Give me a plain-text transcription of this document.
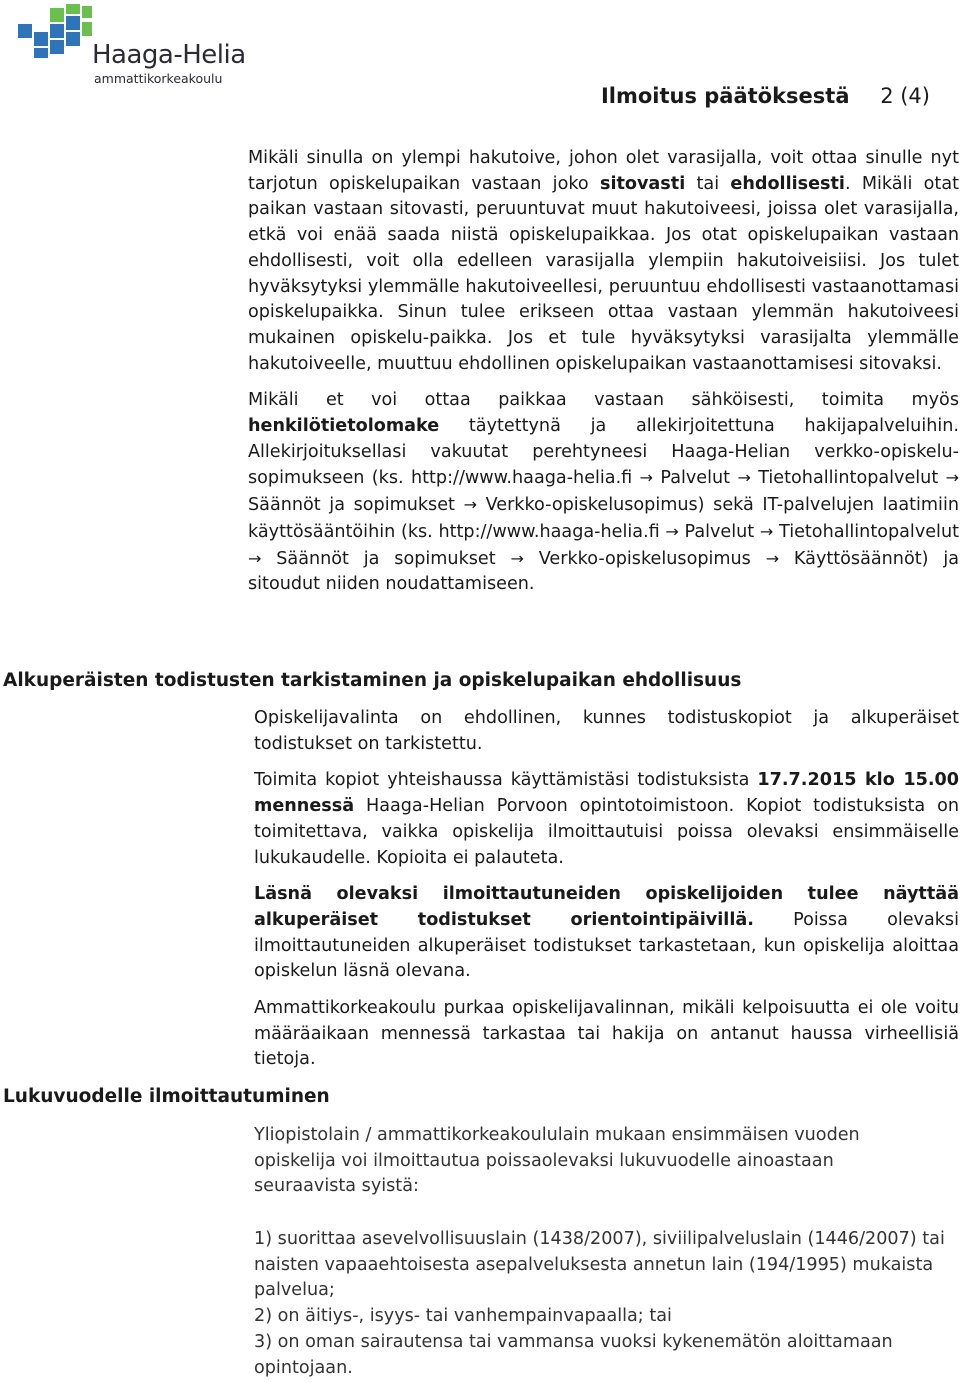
Haaga-Helia
ammattikorkeakoulu
Ilmoitus päätöksestä 2 (4)

Mikäli sinulla on ylempi hakutoive, johon olet varasijalla, voit ottaa sinulle nyt tarjotun opiskelupaikan vastaan joko sitovasti tai ehdollisesti. Mikäli otat paikan vastaan sitovasti, peruuntuvat muut hakutoiveesi, joissa olet varasijalla, etkä voi enää saada niistä opiskelupaikkaa. Jos otat opiskelupaikan vastaan ehdollisesti, voit olla edelleen varasijalla ylempiin hakutoiveisiisi. Jos tulet hyväksytyksi ylemmälle hakutoiveellesi, peruuntuu ehdollisesti vastaanottamasi opiskelupaikka. Sinun tulee erikseen ottaa vastaan ylemmän hakutoiveesi mukainen opiskelu-paikka. Jos et tule hyväksytyksi varasijalta ylemmälle hakutoiveelle, muuttuu ehdollinen opiskelupaikan vastaanottamisesi sitovaksi.

Mikäli et voi ottaa paikkaa vastaan sähköisesti, toimita myös henkilötietolomake täytettynä ja allekirjoitettuna hakijapalveluihin. Allekirjoituksellasi vakuutat perehtyneesi Haaga-Helian verkko-opiskelu-sopimukseen (ks. http://www.haaga-helia.fi → Palvelut → Tietohallintopalvelut → Säännöt ja sopimukset → Verkko-opiskelusopimus) sekä IT-palvelujen laatimiin käyttösääntöihin (ks. http://www.haaga-helia.fi → Palvelut → Tietohallintopalvelut → Säännöt ja sopimukset → Verkko-opiskelusopimus → Käyttösäännöt) ja sitoudut niiden noudattamiseen.

Alkuperäisten todistusten tarkistaminen ja opiskelupaikan ehdollisuus

Opiskelijavalinta on ehdollinen, kunnes todistuskopiot ja alkuperäiset todistukset on tarkistettu.

Toimita kopiot yhteishaussa käyttämistäsi todistuksista 17.7.2015 klo 15.00 mennessä Haaga-Helian Porvoon opintotoimistoon. Kopiot todistuksista on toimitettava, vaikka opiskelija ilmoittautuisi poissa olevaksi ensimmäiselle lukukaudelle. Kopioita ei palauteta.

Läsnä olevaksi ilmoittautuneiden opiskelijoiden tulee näyttää alkuperäiset todistukset orientointipäivillä. Poissa olevaksi ilmoittautuneiden alkuperäiset todistukset tarkastetaan, kun opiskelija aloittaa opiskelun läsnä olevana.

Ammattikorkeakoulu purkaa opiskelijavalinnan, mikäli kelpoisuutta ei ole voitu määräaikaan mennessä tarkastaa tai hakija on antanut haussa virheellisiä tietoja.

Lukuvuodelle ilmoittautuminen
Yliopistolain / ammattikorkeakoululain mukaan ensimmäisen vuoden opiskelija voi ilmoittautua poissaolevaksi lukuvuodelle ainoastaan seuraavista syistä:

1) suorittaa asevelvollisuuslain (1438/2007), siviilipalveluslain (1446/2007) tai naisten vapaaehtoisesta asepalveluksesta annetun lain (194/1995) mukaista palvelua;

2) on äitiys-, isyys- tai vanhempainvapaalla; tai

3) on oman sairautensa tai vammansa vuoksi kykenemätön aloittamaan opintojaan.
